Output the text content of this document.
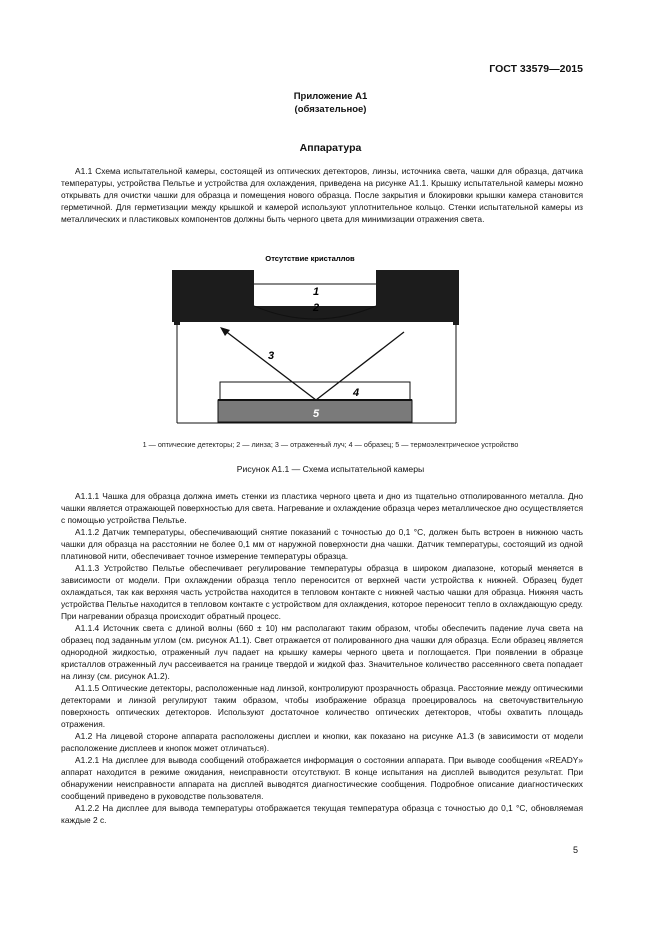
ГОСТ 33579—2015
Приложение А1
(обязательное)
Аппаратура

А1.1 Схема испытательной камеры, состоящей из оптических детекторов, линзы, источника света, чашки для образца, датчика температуры, устройства Пельтье и устройства для охлаждения, приведена на рисунке А1.1. Крышку испытательной камеры можно открывать для очистки чашки для образца и помещения нового образца. После закрытия и блокировки крышки камера становится герметичной. Для герметизации между крышкой и камерой используют уплотнительное кольцо. Стенки испытательной камеры из металлических и пластиковых компонентов должны быть черного цвета для минимизации отражения света.

Отсутствие кристаллов
1
2
3
4
5
1 — оптические детекторы; 2 — линза; 3 — отраженный луч; 4 — образец; 5 — термоэлектрическое устройство
Рисунок А1.1 — Схема испытательной камеры

А1.1.1 Чашка для образца должна иметь стенки из пластика черного цвета и дно из тщательно отполированного металла. Дно чашки является отражающей поверхностью для света. Нагревание и охлаждение образца через металлическое дно осуществляется с помощью устройства Пельтье.

А1.1.2 Датчик температуры, обеспечивающий снятие показаний с точностью до 0,1 °С, должен быть встроен в нижнюю часть чашки для образца на расстоянии не более 0,1 мм от наружной поверхности дна чашки. Датчик температуры, состоящий из одной платиновой нити, обеспечивает точное измерение температуры образца.

А1.1.3 Устройство Пельтье обеспечивает регулирование температуры образца в широком диапазоне, который меняется в зависимости от модели. При охлаждении образца тепло переносится от верхней части устройства к нижней. Образец будет охлаждаться, так как верхняя часть устройства находится в тепловом контакте с нижней частью чашки для образца. Нижняя часть устройства Пельтье находится в тепловом контакте с устройством для охлаждения, которое переносит тепло в охлаждающую среду. При нагревании образца происходит обратный процесс.

А1.1.4 Источник света с длиной волны (660 ± 10) нм располагают таким образом, чтобы обеспечить падение луча света на образец под заданным углом (см. рисунок А1.1). Свет отражается от полированного дна чашки для образца. Если образец является однородной жидкостью, отраженный луч падает на крышку камеры черного цвета и поглощается. При появлении в образце кристаллов отраженный луч рассеивается на границе твердой и жидкой фаз. Значительное количество рассеянного света попадает на линзу (см. рисунок А1.2).

А1.1.5 Оптические детекторы, расположенные над линзой, контролируют прозрачность образца. Расстояние между оптическими детекторами и линзой регулируют таким образом, чтобы изображение образца проецировалось на светочувствительную поверхность оптических детекторов. Используют достаточное количество оптических детекторов, чтобы охватить площадь отражения.

А1.2 На лицевой стороне аппарата расположены дисплеи и кнопки, как показано на рисунке А1.3 (в зависимости от модели расположение дисплеев и кнопок может отличаться).

А1.2.1 На дисплее для вывода сообщений отображается информация о состоянии аппарата. При выводе сообщения «READY» аппарат находится в режиме ожидания, неисправности отсутствуют. В конце испытания на дисплей выводится результат. При обнаружении неисправности аппарата на дисплей выводятся диагностические сообщения. Подробное описание диагностических сообщений приведено в руководстве пользователя.

А1.2.2 На дисплее для вывода температуры отображается текущая температура образца с точностью до 0,1 °С, обновляемая каждые 2 с.

5
